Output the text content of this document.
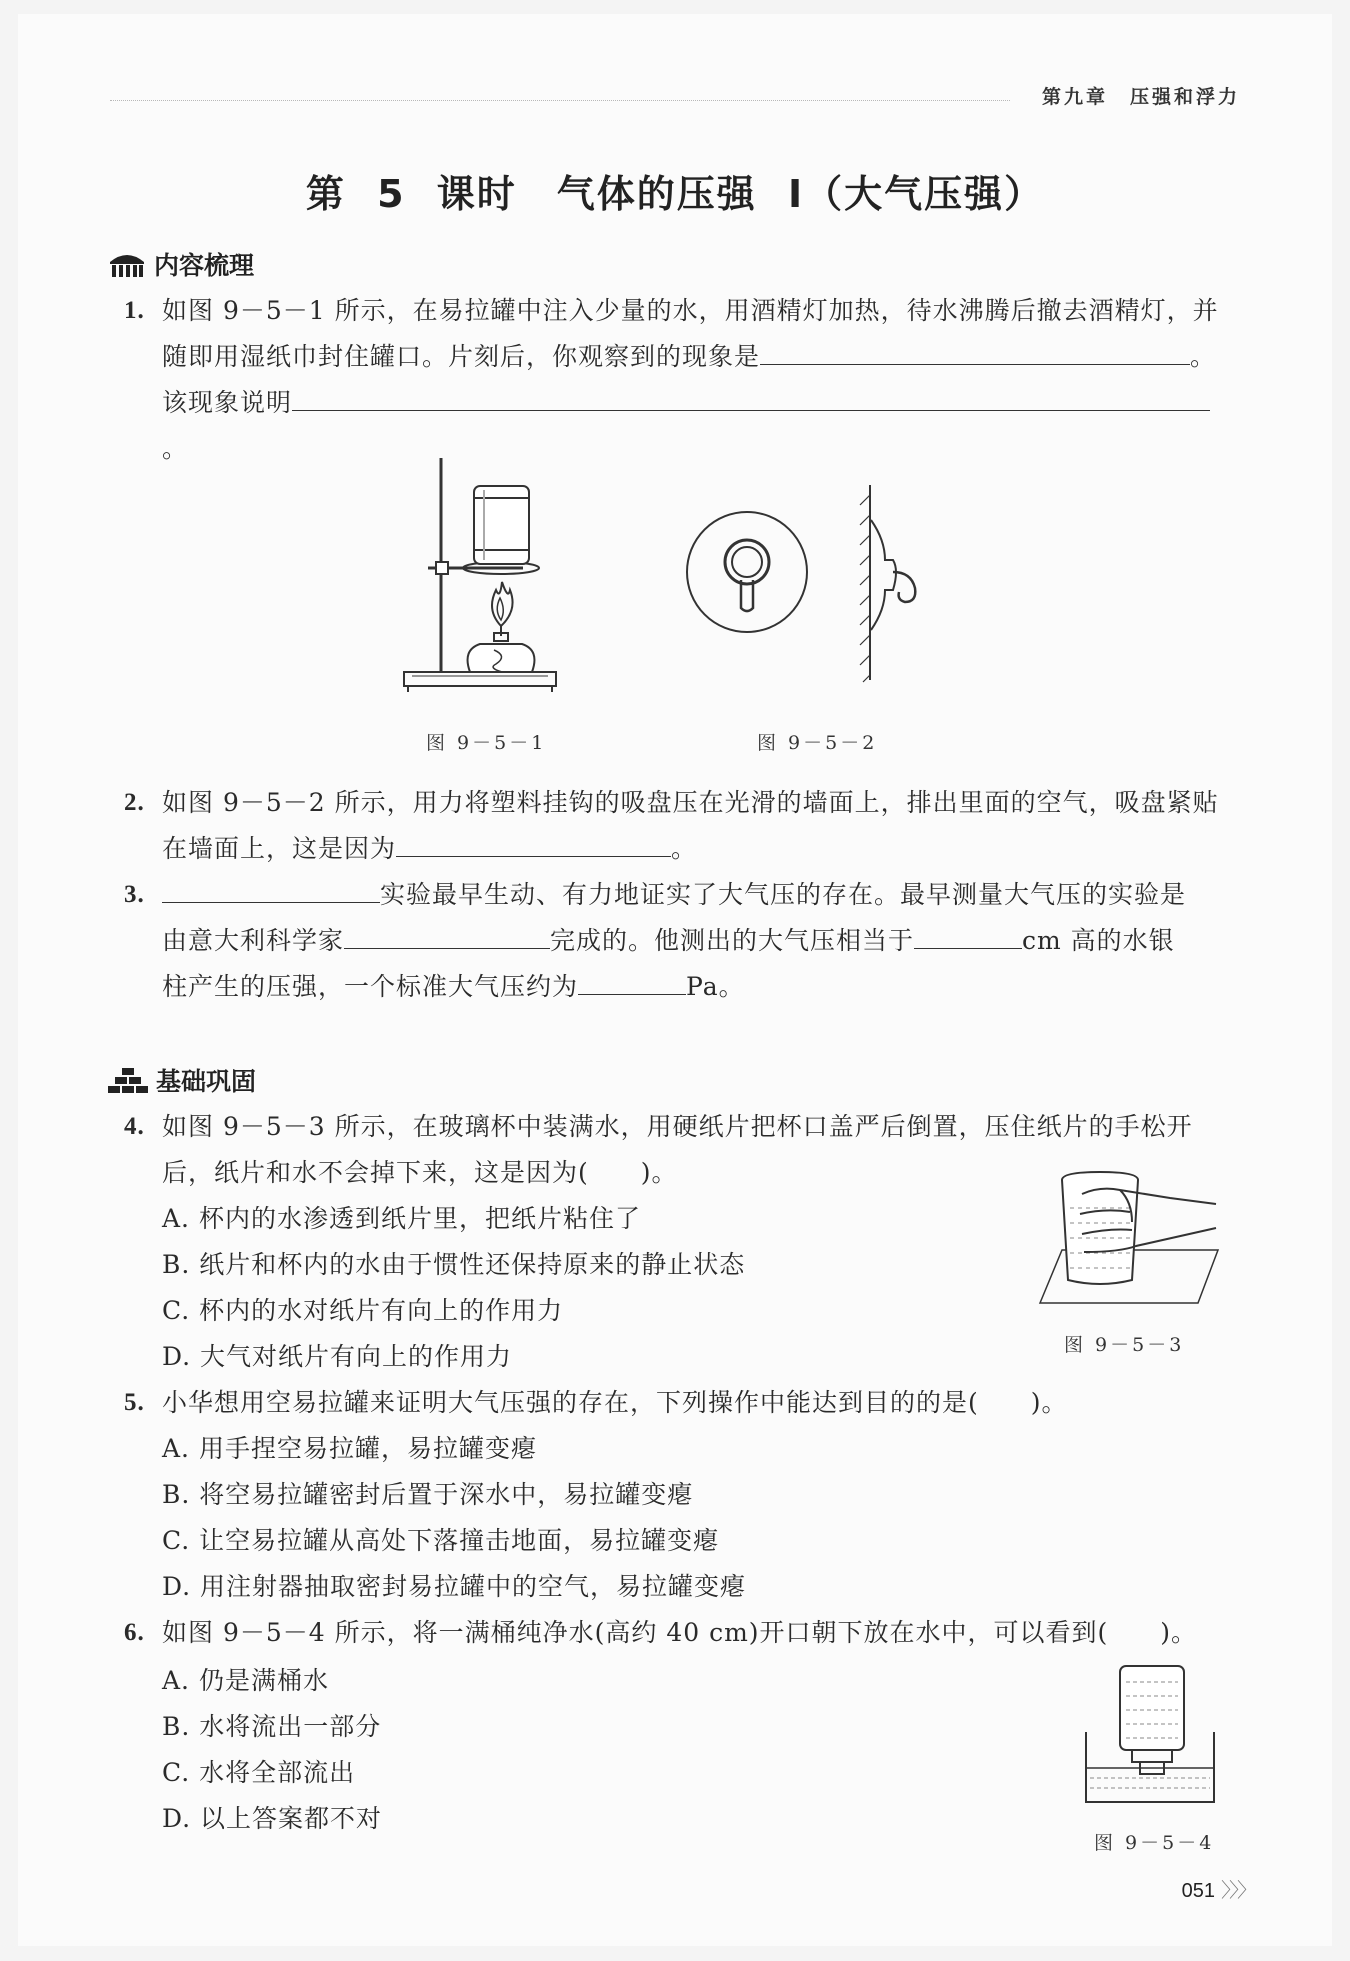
第九章　压强和浮力
第 5 课时　气体的压强 Ⅰ（大气压强）
内容梳理
1. 如图 9－5－1 所示，在易拉罐中注入少量的水，用酒精灯加热，待水沸腾后撤去酒精灯，并
随即用湿纸巾封住罐口。片刻后，你观察到的现象是	。
该现象说明。
图 9－5－1	图 9－5－2
2. 如图 9－5－2 所示，用力将塑料挂钩的吸盘压在光滑的墙面上，排出里面的空气，吸盘紧贴
在墙面上，这是因为	。
3.	实验最早生动、有力地证实了大气压的存在。最早测量大气压的实验是
由意大利科学家	完成的。他测出的大气压相当于	cm 高的水银
柱产生的压强，一个标准大气压约为	Pa。
基础巩固
4. 如图 9－5－3 所示，在玻璃杯中装满水，用硬纸片把杯口盖严后倒置，压住纸片的手松开
后，纸片和水不会掉下来，这是因为(　　)。
A. 杯内的水渗透到纸片里，把纸片粘住了
B. 纸片和杯内的水由于惯性还保持原来的静止状态
C. 杯内的水对纸片有向上的作用力
D. 大气对纸片有向上的作用力	图 9－5－3
5. 小华想用空易拉罐来证明大气压强的存在，下列操作中能达到目的的是(　　)。
A. 用手捏空易拉罐，易拉罐变瘪
B. 将空易拉罐密封后置于深水中，易拉罐变瘪
C. 让空易拉罐从高处下落撞击地面，易拉罐变瘪
D. 用注射器抽取密封易拉罐中的空气，易拉罐变瘪
6. 如图 9－5－4 所示，将一满桶纯净水(高约 40 cm)开口朝下放在水中，可以看到(　　)。
A. 仍是满桶水
B. 水将流出一部分
C. 水将全部流出
D. 以上答案都不对
图 9－5－4
051 〉〉〉
